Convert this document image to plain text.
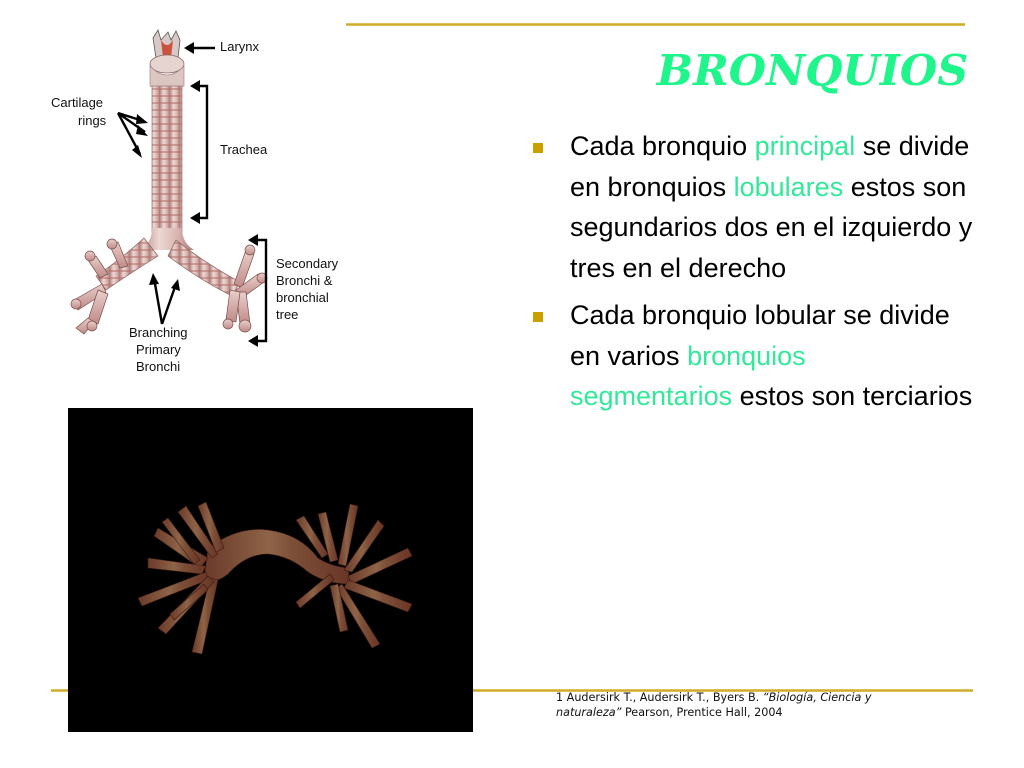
BRONQUIOS
Larynx
Cartilage
rings
Trachea
Secondary
Bronchi &
bronchial
tree
Branching
Primary
Bronchi
Cada bronquio principal se divide en bronquios lobulares estos son segundarios dos en el izquierdo y tres en el derecho
Cada bronquio lobular se divide en varios bronquios segmentarios estos son terciarios
1 Audersirk T., Audersirk T., Byers B. “Biología, Ciencia y naturaleza” Pearson, Prentice Hall, 2004
